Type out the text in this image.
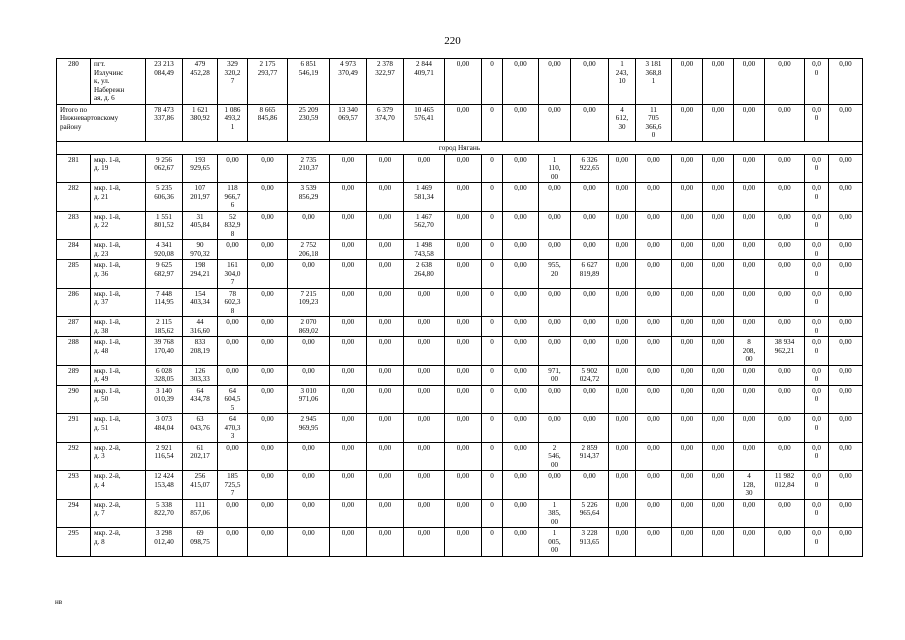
220
280	пгт.
Излучинс
к, ул.
Набережн
ая, д. 6	23 213
084,49	479
452,28	329
320,2
7	2 175
293,77	6 851
546,19	4 973
370,49	2 378
322,97	2 844
409,71	0,00	0	0,00	0,00	0,00	1
243,
10	3 181
368,8
1	0,00	0,00	0,00	0,00	0,0
0	0,00
Итого по
Нижневартовскому
району		78 473
337,86	1 621
380,92	1 086
493,2
1	8 665
845,86	25 209
230,59	13 340
069,57	6 379
374,70	10 465
576,41	0,00	0	0,00	0,00	0,00	4
612,
30	11
705
366,6
0	0,00	0,00	0,00	0,00	0,0
0	0,00
город Нягань																						
281	мкр. 1-й,
д. 19	9 256
062,67	193
929,65	0,00	0,00	2 735
210,37	0,00	0,00	0,00	0,00	0	0,00	1
110,
00	6 326
922,65	0,00	0,00	0,00	0,00	0,00	0,00	0,0
0	0,00
282	мкр. 1-й,
д. 21	5 235
606,36	107
201,97	118
966,7
6	0,00	3 539
856,29	0,00	0,00	1 469
581,34	0,00	0	0,00	0,00	0,00	0,00	0,00	0,00	0,00	0,00	0,00	0,0
0	0,00
283	мкр. 1-й,
д. 22	1 551
801,52	31
405,84	52
832,9
8	0,00	0,00	0,00	0,00	1 467
562,70	0,00	0	0,00	0,00	0,00	0,00	0,00	0,00	0,00	0,00	0,00	0,0
0	0,00
284	мкр. 1-й,
д. 23	4 341
920,08	90
970,32	0,00	0,00	2 752
206,18	0,00	0,00	1 498
743,58	0,00	0	0,00	0,00	0,00	0,00	0,00	0,00	0,00	0,00	0,00	0,0
0	0,00
285	мкр. 1-й,
д. 36	9 625
682,97	198
294,21	161
304,0
7	0,00	0,00	0,00	0,00	2 638
264,80	0,00	0	0,00	955,
20	6 627
819,89	0,00	0,00	0,00	0,00	0,00	0,00	0,0
0	0,00
286	мкр. 1-й,
д. 37	7 448
114,95	154
403,34	78
602,3
8	0,00	7 215
109,23	0,00	0,00	0,00	0,00	0	0,00	0,00	0,00	0,00	0,00	0,00	0,00	0,00	0,00	0,0
0	0,00
287	мкр. 1-й,
д. 38	2 115
185,62	44
316,60	0,00	0,00	2 070
869,02	0,00	0,00	0,00	0,00	0	0,00	0,00	0,00	0,00	0,00	0,00	0,00	0,00	0,00	0,0
0	0,00
288	мкр. 1-й,
д. 48	39 768
170,40	833
208,19	0,00	0,00	0,00	0,00	0,00	0,00	0,00	0	0,00	0,00	0,00	0,00	0,00	0,00	0,00	8
208,
00	38 934
962,21	0,0
0	0,00
289	мкр. 1-й,
д. 49	6 028
328,05	126
303,33	0,00	0,00	0,00	0,00	0,00	0,00	0,00	0	0,00	971,
00	5 902
024,72	0,00	0,00	0,00	0,00	0,00	0,00	0,0
0	0,00
290	мкр. 1-й,
д. 50	3 140
010,39	64
434,78	64
604,5
5	0,00	3 010
971,06	0,00	0,00	0,00	0,00	0	0,00	0,00	0,00	0,00	0,00	0,00	0,00	0,00	0,00	0,0
0	0,00
291	мкр. 1-й,
д. 51	3 073
484,04	63
043,76	64
470,3
3	0,00	2 945
969,95	0,00	0,00	0,00	0,00	0	0,00	0,00	0,00	0,00	0,00	0,00	0,00	0,00	0,00	0,0
0	0,00
292	мкр. 2-й,
д. 3	2 921
116,54	61
202,17	0,00	0,00	0,00	0,00	0,00	0,00	0,00	0	0,00	2
546,
00	2 859
914,37	0,00	0,00	0,00	0,00	0,00	0,00	0,0
0	0,00
293	мкр. 2-й,
д. 4	12 424
153,48	256
415,07	185
725,5
7	0,00	0,00	0,00	0,00	0,00	0,00	0	0,00	0,00	0,00	0,00	0,00	0,00	0,00	4
128,
30	11 982
012,84	0,0
0	0,00
294	мкр. 2-й,
д. 7	5 338
822,70	111
857,06	0,00	0,00	0,00	0,00	0,00	0,00	0,00	0	0,00	1
385,
00	5 226
965,64	0,00	0,00	0,00	0,00	0,00	0,00	0,0
0	0,00
295	мкр. 2-й,
д. 8	3 298
012,40	69
098,75	0,00	0,00	0,00	0,00	0,00	0,00	0,00	0	0,00	1
005,
00	3 228
913,65	0,00	0,00	0,00	0,00	0,00	0,00	0,0
0	0,00
нв
